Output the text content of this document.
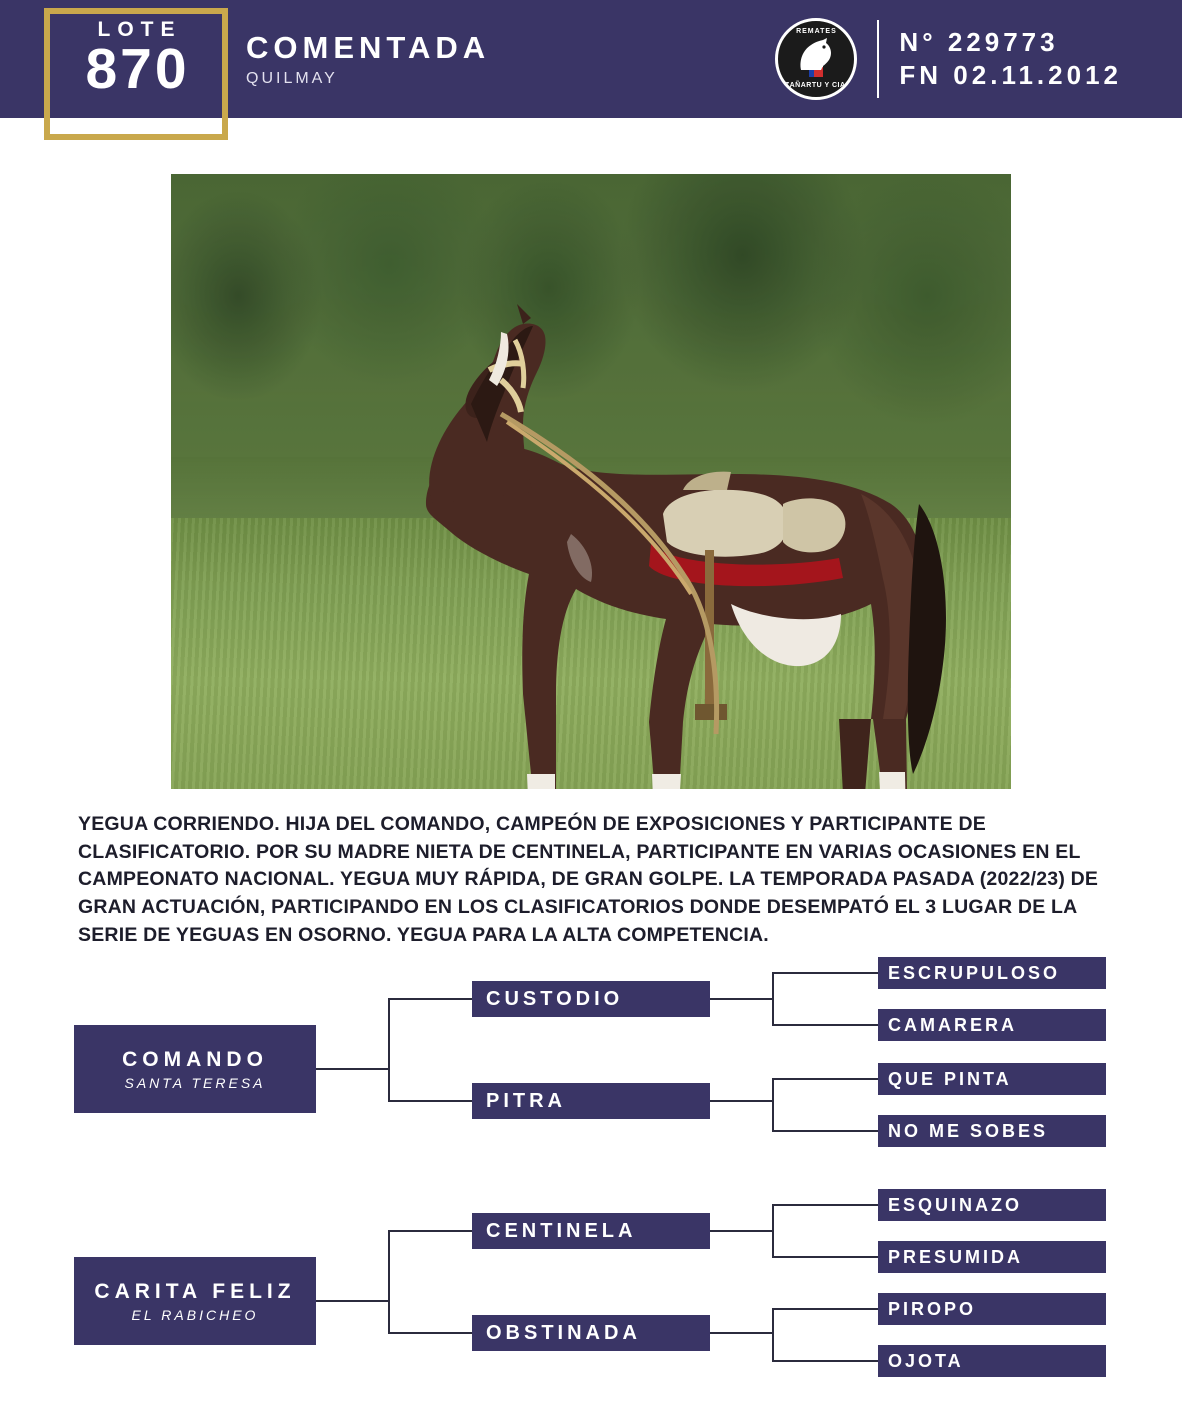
LOTE
870	COMENTADA
QUILMAY
REMATES
ZAÑARTU Y CIA.
N° 229773
FN 02.11.2012
YEGUA CORRIENDO. HIJA DEL COMANDO, CAMPEÓN DE EXPOSICIONES Y PARTICIPANTE DE CLASIFICATORIO. POR SU MADRE NIETA DE CENTINELA, PARTICIPANTE EN VARIAS OCASIONES EN EL CAMPEONATO NACIONAL. YEGUA MUY RÁPIDA, DE GRAN GOLPE. LA TEMPORADA PASADA (2022/23) DE GRAN ACTUACIÓN, PARTICIPANDO EN LOS CLASIFICATORIOS DONDE DESEMPATÓ EL 3 LUGAR DE LA SERIE DE YEGUAS EN OSORNO. YEGUA PARA LA ALTA COMPETENCIA.
COMANDO
SANTA TERESA
CUSTODIO
PITRA
ESCRUPULOSO
CAMARERA
QUE PINTA
NO ME SOBES
CARITA FELIZ
EL RABICHEO
CENTINELA
OBSTINADA
ESQUINAZO
PRESUMIDA
PIROPO
OJOTA
